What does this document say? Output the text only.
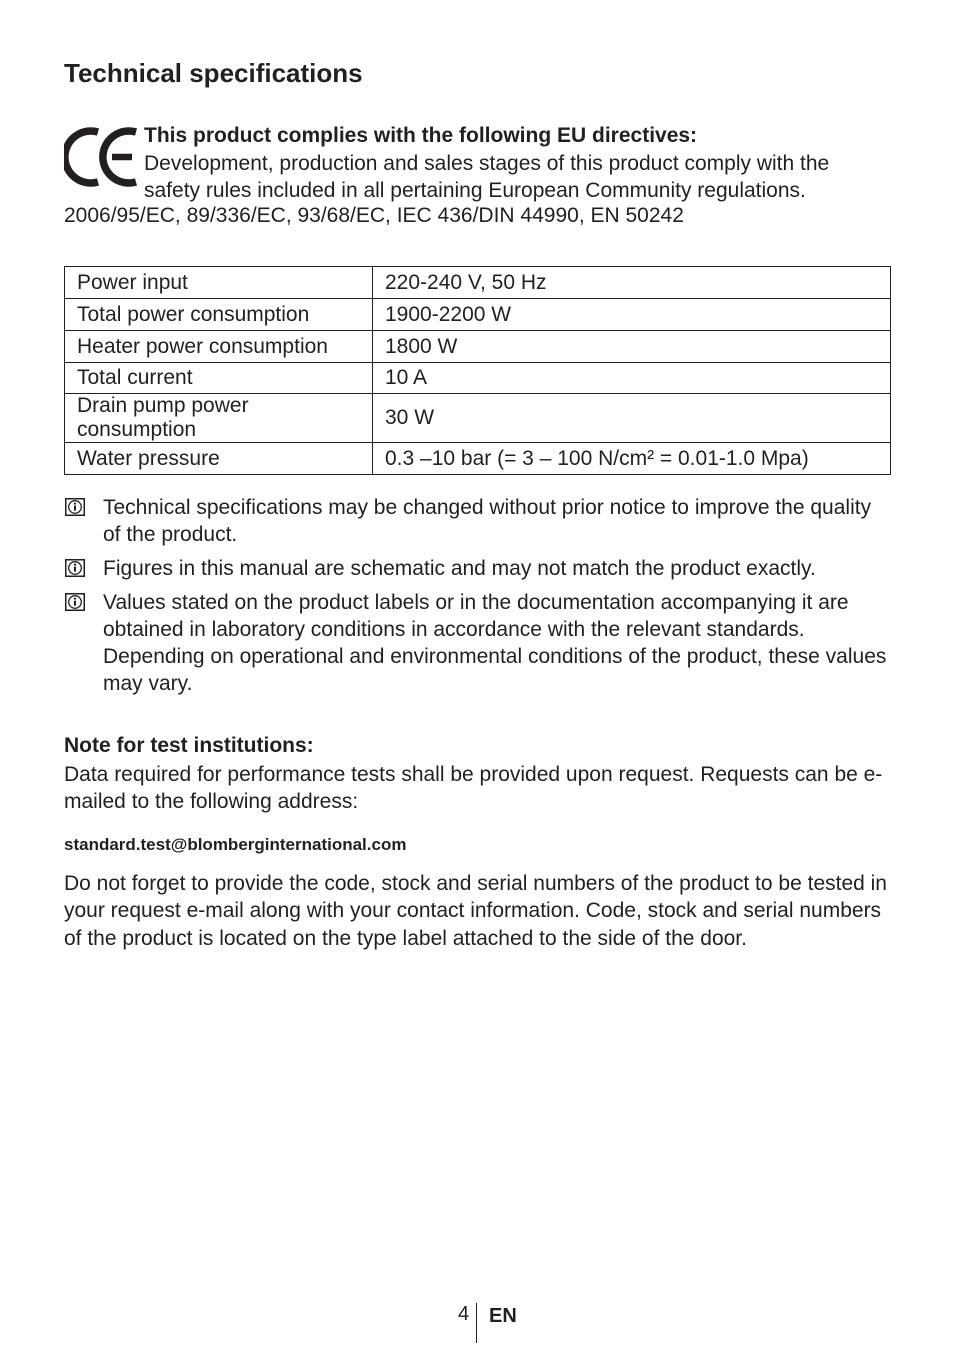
Technical specifications
This product complies with the following EU directives:
Development, production and sales stages of this product comply with the
safety rules included in all pertaining European Community regulations.
2006/95/EC, 89/336/EC, 93/68/EC, IEC 436/DIN 44990, EN 50242
Power input	220-240 V, 50 Hz
Total power consumption	1900-2200 W
Heater power consumption	1800 W
Total current	10 A
Drain pump power consumption	30 W
Water pressure	0.3 –10 bar (= 3 – 100 N/cm² = 0.01-1.0 Mpa)
Technical specifications may be changed without prior notice to improve the quality of the product.
Figures in this manual are schematic and may not match the product exactly.
Values stated on the product labels or in the documentation accompanying it are obtained in laboratory conditions in accordance with the relevant standards. Depending on operational and environmental conditions of the product, these values may vary.
Note for test institutions:
Data required for performance tests shall be provided upon request. Requests can be e-mailed to the following address:
standard.test@blomberginternational.com
Do not forget to provide the code, stock and serial numbers of the product to be tested in your request e-mail along with your contact information. Code, stock and serial numbers of the product is located on the type label attached to the side of the door.
4 EN
